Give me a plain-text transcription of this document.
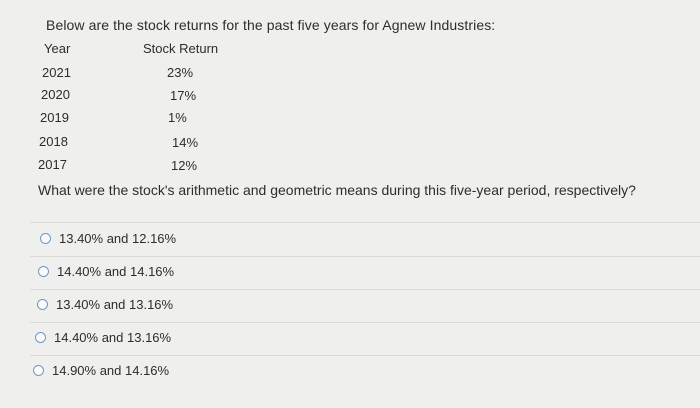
Below are the stock returns for the past five years for Agnew Industries:
Year	Stock Return
2021	23%
2020	17%
2019	1%
2018	14%
2017	12%
What were the stock's arithmetic and geometric means during this five-year period, respectively?
13.40% and 12.16%
14.40% and 14.16%
13.40% and 13.16%
14.40% and 13.16%
14.90% and 14.16%
